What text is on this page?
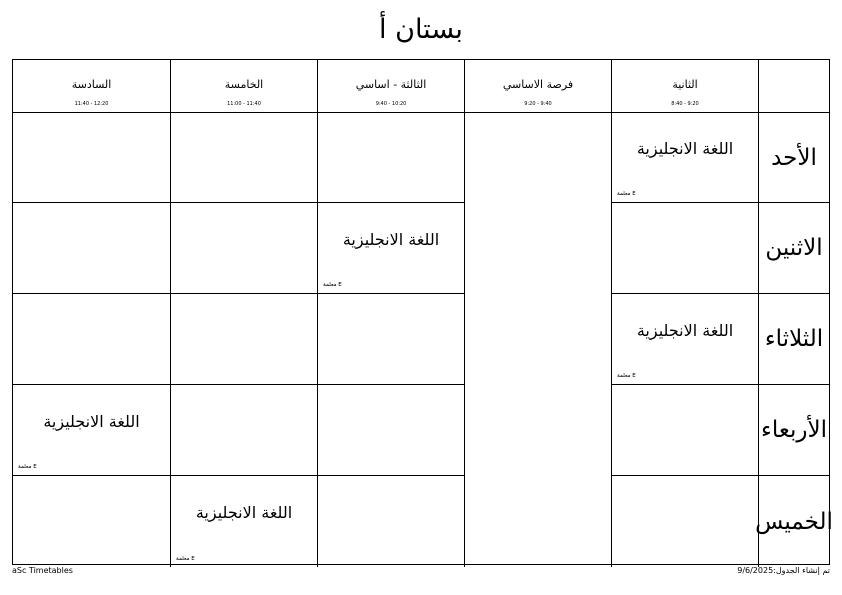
بستان أ
الثانية
8:40 - 9:20
فرصة الاساسي
9:20 - 9:40
الثالثة - اساسي
9:40 - 10:20
الخامسة
11:00 - 11:40
السادسة
11:40 - 12:20
الأحد
الاثنين
الثلاثاء
الأربعاء
الخميس
اللغة الانجليزية
E معلمة
اللغة الانجليزية
E معلمة
اللغة الانجليزية
E معلمة
اللغة الانجليزية
E معلمة
اللغة الانجليزية
E معلمة
aSc Timetables	تم إنشاء الجدول:9/6/2025
